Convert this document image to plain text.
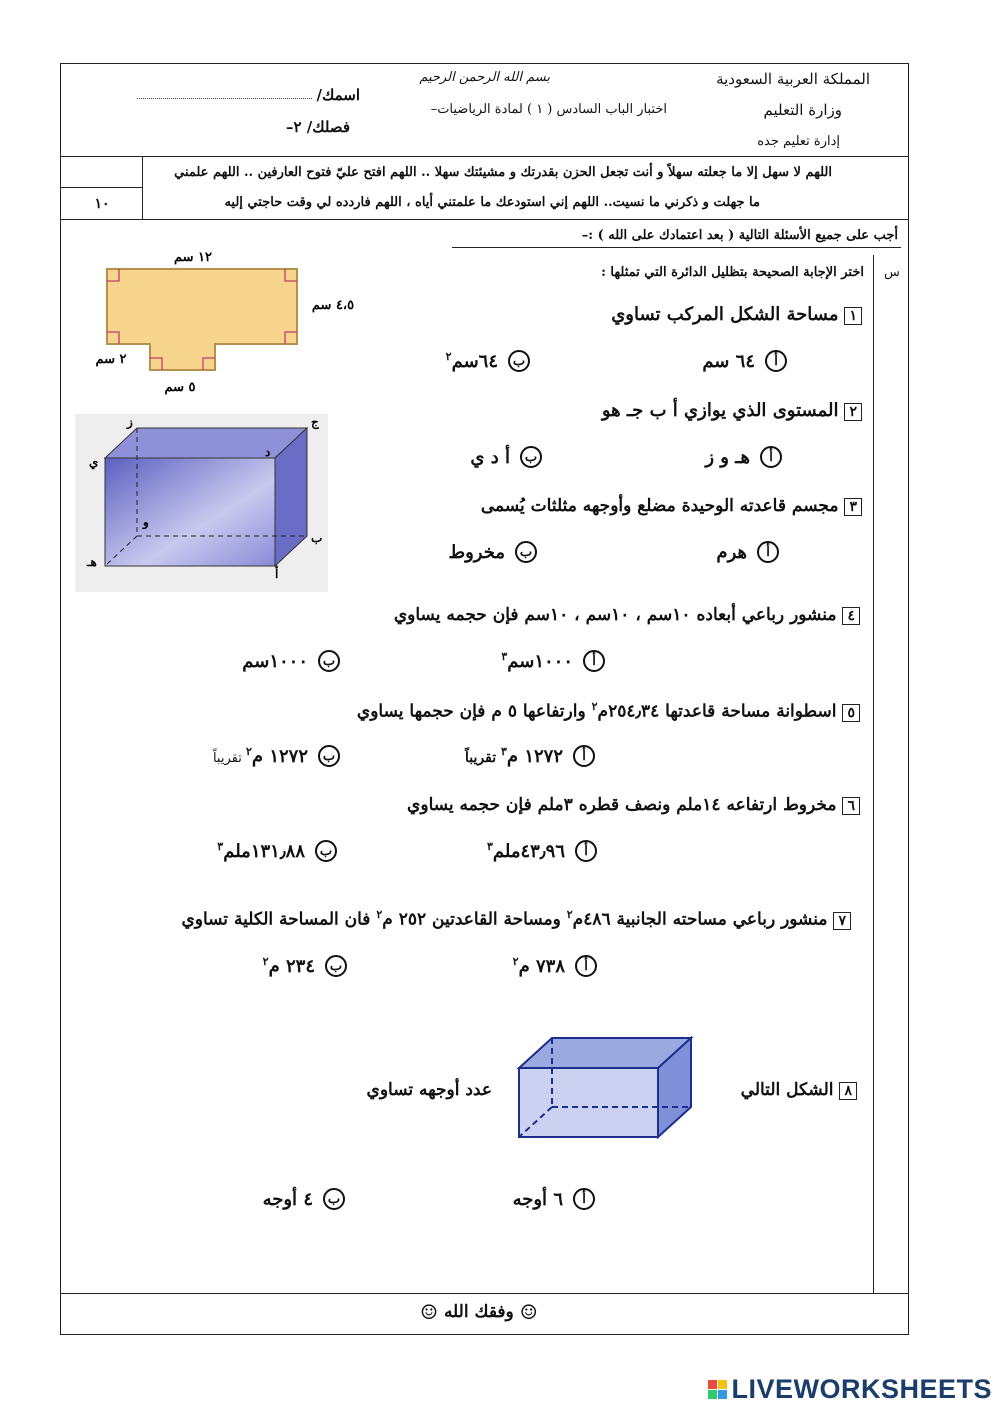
بسم الله الرحمن الرحيم	المملكة العربية السعودية
وزارة التعليم
إدارة تعليم جده
اختبار الباب السادس ( ١ ) لمادة الرياضيات–
اسمك/
فصلك/ ٢–
اللهم لا سهل إلا ما جعلته سهلاً و أنت تجعل الحزن بقدرتك و مشيئتك سهلا .. اللهم افتح عليّ فتوح العارفين .. اللهم علمني
ما جهلت و ذكرني ما نسيت.. اللهم إني استودعك ما علمتني أياه ، اللهم فاردده لي وقت حاجتي إليه
١٠
أجب على جميع الأسئلة التالية ( بعد اعتمادك على الله ) :–
س
اختر الإجابة الصحيحة بتظليل الدائرة التي تمثلها :
١٢ سم
٤،٥ سم
٢ سم
٥ سم
ز	ج
د
ي
و
ب
هـ
أ
١مساحة الشكل المركب تساوي
أ
٦٤ سم
ب
٦٤سم$^٢$
٢المستوى الذي يوازي أ ب جـ هو
أ
هـ و ز
ب
أ د ي
٣مجسم قاعدته الوحيدة مضلع وأوجهه مثلثات يُسمى
أ
هرم
ب
مخروط
٤منشور رباعي أبعاده ١٠سم ، ١٠سم ، ١٠سم فإن حجمه يساوي
أ
١٠٠٠سم$^٣$
ب
١٠٠٠سم
٥اسطوانة مساحة قاعدتها ٢٥٤٫٣٤م$^٢$ وارتفاعها ٥ م فإن حجمها يساوي
أ
١٢٧٢ م$^٣$ تقريباً
ب
١٢٧٢ م$^٢$ تقريباً
٦مخروط ارتفاعه ١٤ملم ونصف قطره ٣ملم فإن حجمه يساوي
أ
٤٣٫٩٦ملم$^٣$
ب
١٣١٫٨٨ملم$^٣$
٧منشور رباعي مساحته الجانبية ٤٨٦م$^٢$ ومساحة القاعدتين ٢٥٢ م$^٢$ فان المساحة الكلية تساوي
أ
٧٣٨ م$^٢$
ب
٢٣٤ م$^٢$
٨الشكل التالي
عدد أوجهه تساوي
أ
٦ أوجه
ب
٤ أوجه
☺
وفقك الله
☺
LIVEWORKSHEETS
